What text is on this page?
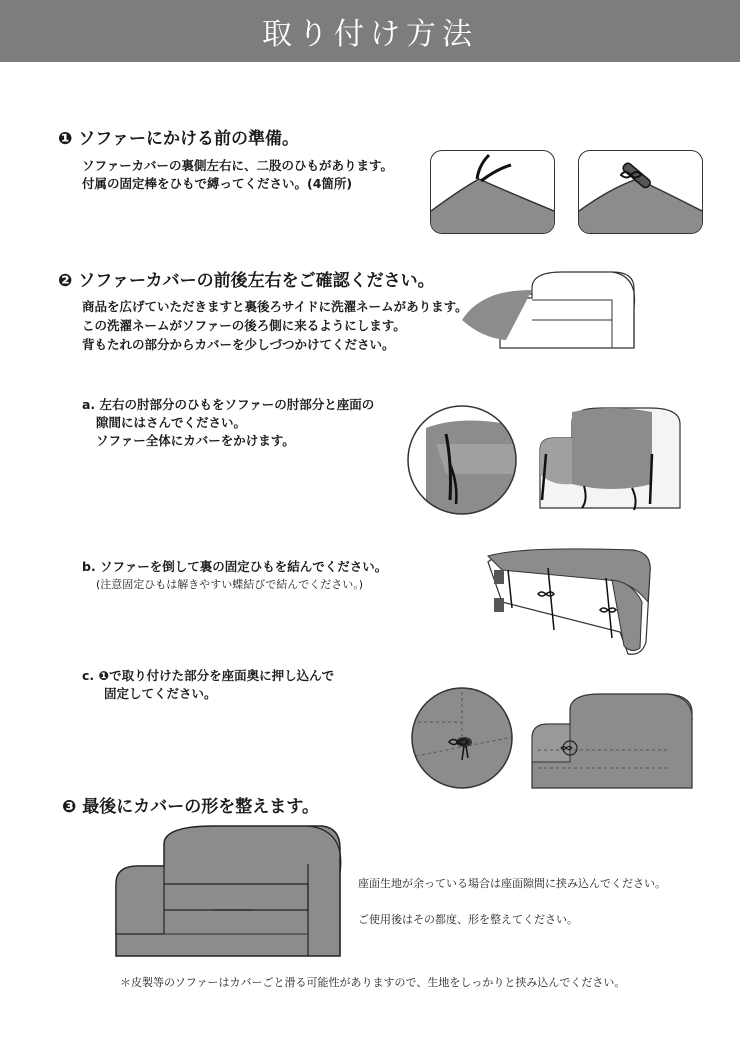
取り付け方法
❶ ソファーにかける前の準備。
ソファーカバーの裏側左右に、二股のひもがあります。
付属の固定棒をひもで縛ってください。(4箇所)
❷ ソファーカバーの前後左右をご確認ください。
商品を広げていただきますと裏後ろサイドに洗濯ネームがあります。
この洗濯ネームがソファーの後ろ側に来るようにします。
背もたれの部分からカバーを少しづつかけてください。
a. 左右の肘部分のひもをソファーの肘部分と座面の
隙間にはさんでください。
ソファー全体にカバーをかけます。
b. ソファーを倒して裏の固定ひもを結んでください。
(注意固定ひもは解きやすい蝶結びで結んでください。)
c. ❶で取り付けた部分を座面奥に押し込んで
固定してください。
❸ 最後にカバーの形を整えます。
座面生地が余っている場合は座面隙間に挟み込んでください。
ご使用後はその都度、形を整えてください。
＊皮製等のソファーはカバーごと滑る可能性がありますので、生地をしっかりと挟み込んでください。
